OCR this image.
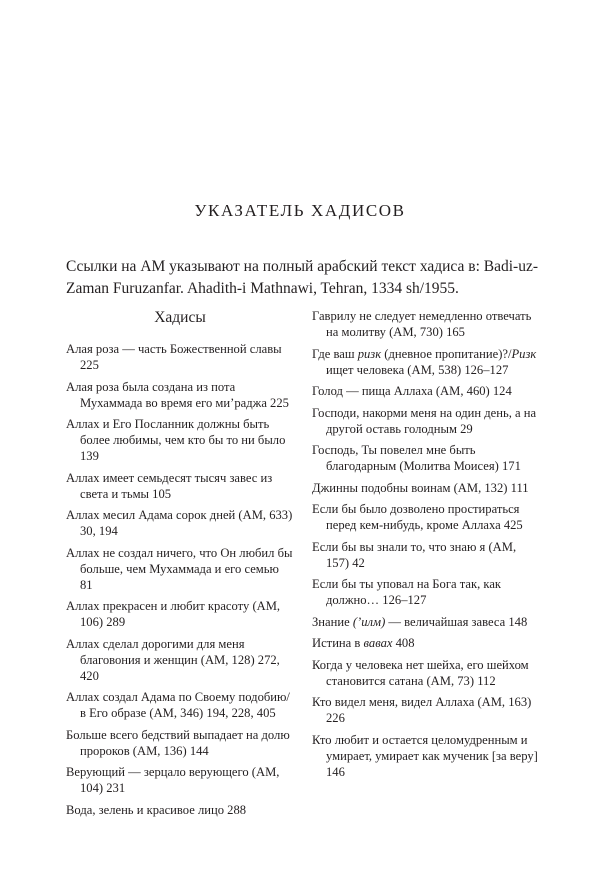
УКАЗАТЕЛЬ ХАДИСОВ
Ссылки на АМ указывают на полный арабский текст хадиса в: Badi-uz-Zaman Furuzanfar. Ahadith-i Mathnawi, Tehran, 1334 sh/1955.
Хадисы
Алая роза — часть Божественной славы 225
Алая роза была создана из пота Мухаммада во время его ми’раджа 225
Аллах и Его Посланник должны быть более любимы, чем кто бы то ни было 139
Аллах имеет семьдесят тысяч завес из света и тьмы 105
Аллах месил Адама сорок дней (AM, 633) 30, 194
Аллах не создал ничего, что Он любил бы больше, чем Мухаммада и его семью 81
Аллах прекрасен и любит красоту (AM, 106) 289
Аллах сделал дорогими для меня благовония и женщин (AM, 128) 272, 420
Аллах создал Адама по Своему подобию/в Его образе (AM, 346) 194, 228, 405
Больше всего бедствий выпадает на долю пророков (AM, 136) 144
Верующий — зерцало верующего (AM, 104) 231
Вода, зелень и красивое лицо 288
Гаврилу не следует немедленно отвечать на молитву (AM, 730) 165
Где ваш ризк (дневное пропитание)?/Ризк ищет человека (AM, 538) 126–127
Голод — пища Аллаха (AM, 460) 124
Господи, накорми меня на один день, а на другой оставь голодным 29
Господь, Ты повелел мне быть благодарным (Молитва Моисея) 171
Джинны подобны воинам (AM, 132) 111
Если бы было дозволено простираться перед кем-нибудь, кроме Аллаха 425
Если бы вы знали то, что знаю я (AM, 157) 42
Если бы ты уповал на Бога так, как должно… 126–127
Знание (’илм) — величайшая завеса 148
Истина в вавах 408
Когда у человека нет шейха, его шейхом становится сатана (AM, 73) 112
Кто видел меня, видел Аллаха (AM, 163) 226
Кто любит и остается целомудренным и умирает, умирает как мученик [за веру] 146
